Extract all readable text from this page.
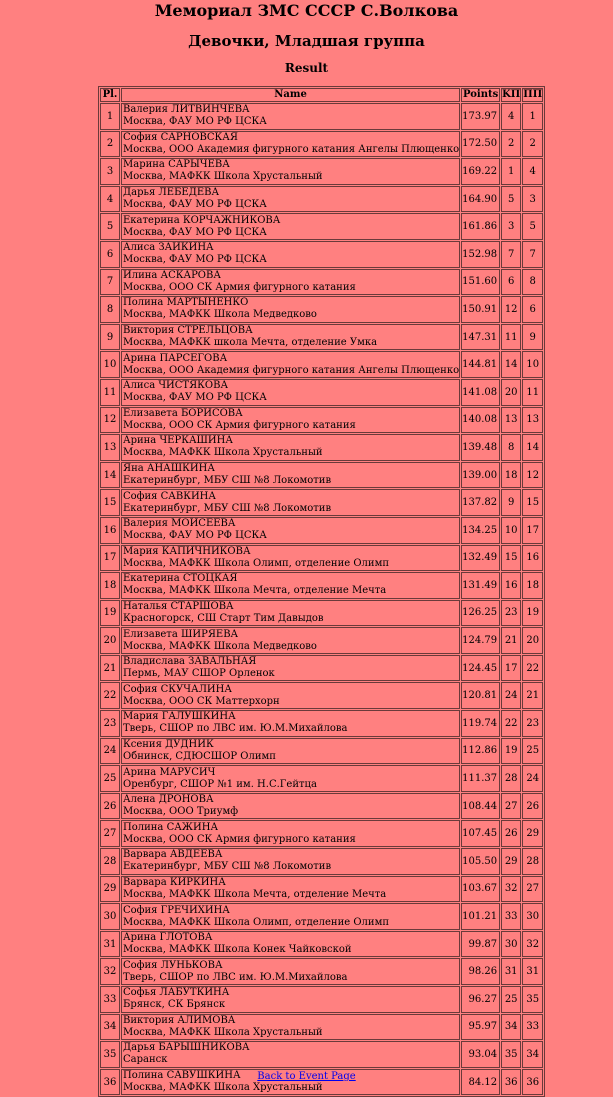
Мемориал ЗМС СССР С.Волкова
Девочки, Младшая группа
Result
Pl.	Name	Points	KП	ПП
1	Валерия ЛИТВИНЧЁВА
Москва, ФАУ МО РФ ЦСКА	173.97	4	1
2	София САРНОВСКАЯ
Москва, ООО Академия фигурного катания Ангелы Плющенко	172.50	2	2
3	Марина САРЫЧЕВА
Москва, МАФКК Школа Хрустальный	169.22	1	4
4	Дарья ЛЕБЕДЕВА
Москва, ФАУ МО РФ ЦСКА	164.90	5	3
5	Екатерина КОРЧАЖНИКОВА
Москва, ФАУ МО РФ ЦСКА	161.86	3	5
6	Алиса ЗАИКИНА
Москва, ФАУ МО РФ ЦСКА	152.98	7	7
7	Илина АСКАРОВА
Москва, ООО СК Армия фигурного катания	151.60	6	8
8	Полина МАРТЫНЕНКО
Москва, МАФКК Школа Медведково	150.91	12	6
9	Виктория СТРЕЛЬЦОВА
Москва, МАФКК школа Мечта, отделение Умка	147.31	11	9
10	Арина ПАРСЕГОВА
Москва, ООО Академия фигурного катания Ангелы Плющенко	144.81	14	10
11	Алиса ЧИСТЯКОВА
Москва, ФАУ МО РФ ЦСКА	141.08	20	11
12	Елизавета БОРИСОВА
Москва, ООО СК Армия фигурного катания	140.08	13	13
13	Арина ЧЕРКАШИНА
Москва, МАФКК Школа Хрустальный	139.48	8	14
14	Яна АНАШКИНА
Екатеринбург, МБУ СШ №8 Локомотив	139.00	18	12
15	София САВКИНА
Екатеринбург, МБУ СШ №8 Локомотив	137.82	9	15
16	Валерия МОИСЕЕВА
Москва, ФАУ МО РФ ЦСКА	134.25	10	17
17	Мария КАПИЧНИКОВА
Москва, МАФКК Школа Олимп, отделение Олимп	132.49	15	16
18	Екатерина СТОЦКАЯ
Москва, МАФКК Школа Мечта, отделение Мечта	131.49	16	18
19	Наталья СТАРШОВА
Красногорск, СШ Старт Тим Давыдов	126.25	23	19
20	Елизавета ШИРЯЕВА
Москва, МАФКК Школа Медведково	124.79	21	20
21	Владислава ЗАВАЛЬНАЯ
Пермь, МАУ СШОР Орленок	124.45	17	22
22	София СКУЧАЛИНА
Москва, ООО СК Маттерхорн	120.81	24	21
23	Мария ГАЛУШКИНА
Тверь, СШОР по ЛВС им. Ю.М.Михайлова	119.74	22	23
24	Ксения ДУДНИК
Обнинск, СДЮСШОР Олимп	112.86	19	25
25	Арина МАРУСИЧ
Оренбург, СШОР №1 им. Н.С.Гейтца	111.37	28	24
26	Алена ДРОНОВА
Москва, ООО Триумф	108.44	27	26
27	Полина САЖИНА
Москва, ООО СК Армия фигурного катания	107.45	26	29
28	Варвара АВДЕЕВА
Екатеринбург, МБУ СШ №8 Локомотив	105.50	29	28
29	Варвара КИРКИНА
Москва, МАФКК Школа Мечта, отделение Мечта	103.67	32	27
30	София ГРЕЧИХИНА
Москва, МАФКК Школа Олимп, отделение Олимп	101.21	33	30
31	Арина ГЛОТОВА
Москва, МАФКК Школа Конек Чайковской	99.87	30	32
32	София ЛУНЬКОВА
Тверь, СШОР по ЛВС им. Ю.М.Михайлова	98.26	31	31
33	Софья ЛАБУТКИНА
Брянск, СК Брянск	96.27	25	35
34	Виктория АЛИМОВА
Москва, МАФКК Школа Хрустальный	95.97	34	33
35	Дарья БАРЫШНИКОВА
Саранск	93.04	35	34
36	Полина САВУШКИНА
Москва, МАФКК Школа Хрустальный	84.12	36	36
Back to Event Page
